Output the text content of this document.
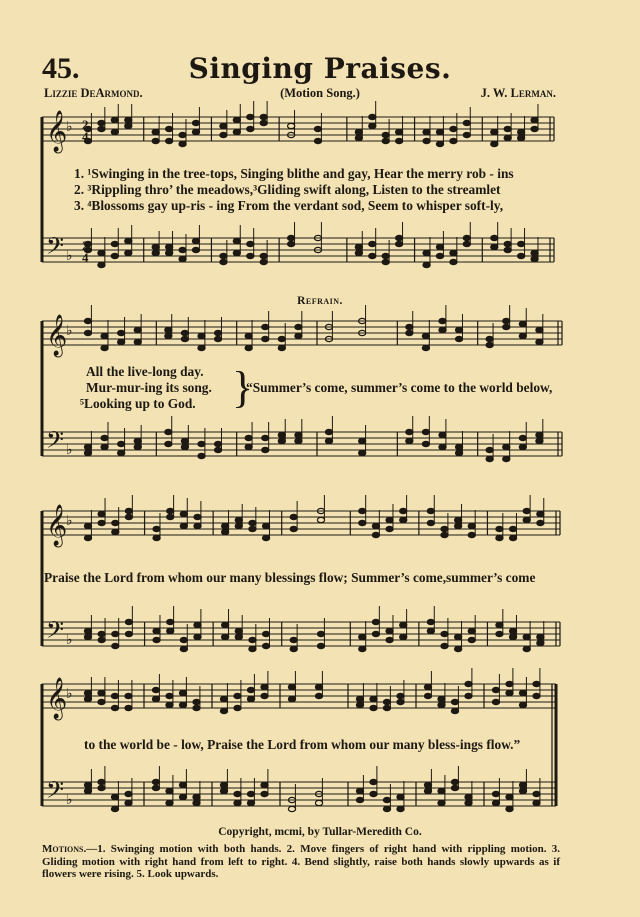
45.	Singing Praises.
Lizzie DeArmond.	(Motion Song.)	J. W. Lerman.
𝄞
𝄢
♭
♭
2
4
2
4
𝄞
𝄢
♭
♭
𝄞
𝄢
♭
♭
𝄞
𝄢
♭
♭
1. ¹Swinging in the tree-tops, Singing blithe and gay, Hear the merry rob - ins
2. ³Rippling thro’ the meadows,³Gliding swift along, Listen to the streamlet
3. ⁴Blossoms gay up-ris - ing From the verdant sod, Seem to whisper soft-ly,
Refrain.
All the live-long day.
Mur-mur-ing its song.
⁵Looking up to God. }
“Summer’s come, summer’s come to the world below,
Praise the Lord from whom our many blessings flow; Summer’s come,summer’s come
to the world be - low, Praise the Lord from whom our many bless-ings flow.”
Copyright, mcmi, by Tullar-Meredith Co.
Motions.—1. Swinging motion with both hands. 2. Move fingers of right hand with rippling motion. 3. Gliding motion with right hand from left to right. 4. Bend slightly, raise both hands slowly upwards as if flowers were rising. 5. Look upwards.
